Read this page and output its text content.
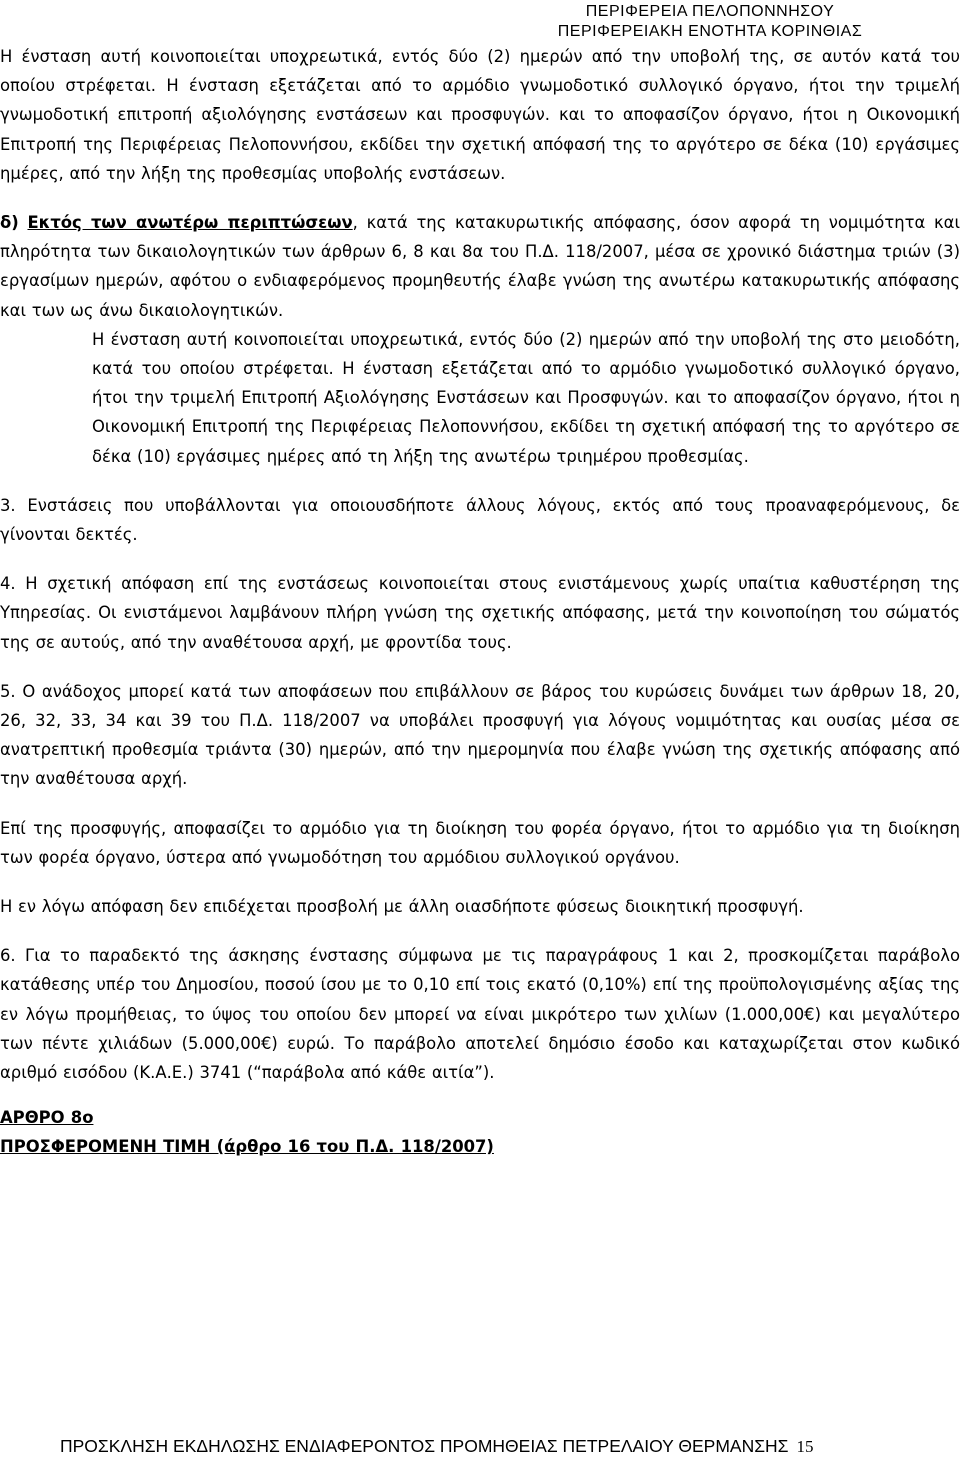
ΠΕΡΙΦΕΡΕΙΑ ΠΕΛΟΠΟΝΝΗΣΟΥ
ΠΕΡΙΦΕΡΕΙΑΚΗ ΕΝΟΤΗΤΑ ΚΟΡΙΝΘΙΑΣ

Η ένσταση αυτή κοινοποιείται υποχρεωτικά, εντός δύο (2) ημερών από την υποβολή της, σε αυτόν κατά του οποίου στρέφεται. Η ένσταση εξετάζεται από το αρμόδιο γνωμοδοτικό συλλογικό όργανο, ήτοι την τριμελή γνωμοδοτική επιτροπή αξιολόγησης ενστάσεων και προσφυγών. και το αποφασίζον όργανο, ήτοι η Οικονομική Επιτροπή της Περιφέρειας Πελοποννήσου, εκδίδει την σχετική απόφασή της το αργότερο σε δέκα (10) εργάσιμες ημέρες, από την λήξη της προθεσμίας υποβολής ενστάσεων.

δ) Εκτός των ανωτέρω περιπτώσεων, κατά της κατακυρωτικής απόφασης, όσον αφορά τη νομιμότητα και πληρότητα των δικαιολογητικών των άρθρων 6, 8 και 8α του Π.Δ. 118/2007, μέσα σε χρονικό διάστημα τριών (3) εργασίμων ημερών, αφότου ο ενδιαφερόμενος προμηθευτής έλαβε γνώση της ανωτέρω κατακυρωτικής απόφασης και των ως άνω δικαιολογητικών.

Η ένσταση αυτή κοινοποιείται υποχρεωτικά, εντός δύο (2) ημερών από την υποβολή της στο μειοδότη, κατά του οποίου στρέφεται. Η ένσταση εξετάζεται από το αρμόδιο γνωμοδοτικό συλλογικό όργανο, ήτοι την τριμελή Επιτροπή Αξιολόγησης Ενστάσεων και Προσφυγών. και το αποφασίζον όργανο, ήτοι η Οικονομική Επιτροπή της Περιφέρειας Πελοποννήσου, εκδίδει τη σχετική απόφασή της το αργότερο σε δέκα (10) εργάσιμες ημέρες από τη λήξη της ανωτέρω τριημέρου προθεσμίας.

3. Ενστάσεις που υποβάλλονται για οποιουσδήποτε άλλους λόγους, εκτός από τους προαναφερόμενους, δε γίνονται δεκτές.

4. Η σχετική απόφαση επί της ενστάσεως κοινοποιείται στους ενιστάμενους χωρίς υπαίτια καθυστέρηση της Υπηρεσίας. Οι ενιστάμενοι λαμβάνουν πλήρη γνώση της σχετικής απόφασης, μετά την κοινοποίηση του σώματός της σε αυτούς, από την αναθέτουσα αρχή, με φροντίδα τους.

5. Ο ανάδοχος μπορεί κατά των αποφάσεων που επιβάλλουν σε βάρος του κυρώσεις δυνάμει των άρθρων 18, 20, 26, 32, 33, 34 και 39 του Π.Δ. 118/2007 να υποβάλει προσφυγή για λόγους νομιμότητας και ουσίας μέσα σε ανατρεπτική προθεσμία τριάντα (30) ημερών, από την ημερομηνία που έλαβε γνώση της σχετικής απόφασης από την αναθέτουσα αρχή.

Επί της προσφυγής, αποφασίζει το αρμόδιο για τη διοίκηση του φορέα όργανο, ήτοι το αρμόδιο για τη διοίκηση των φορέα όργανο, ύστερα από γνωμοδότηση του αρμόδιου συλλογικού οργάνου.

Η εν λόγω απόφαση δεν επιδέχεται προσβολή με άλλη οιασδήποτε φύσεως διοικητική προσφυγή.

6. Για το παραδεκτό της άσκησης ένστασης σύμφωνα με τις παραγράφους 1 και 2, προσκομίζεται παράβολο κατάθεσης υπέρ του Δημοσίου, ποσού ίσου με το 0,10 επί τοις εκατό (0,10%) επί της προϋπολογισμένης αξίας της εν λόγω προμήθειας, το ύψος του οποίου δεν μπορεί να είναι μικρότερο των χιλίων (1.000,00€) και μεγαλύτερο των πέντε χιλιάδων (5.000,00€) ευρώ. Το παράβολο αποτελεί δημόσιο έσοδο και καταχωρίζεται στον κωδικό αριθμό εισόδου (Κ.Α.Ε.) 3741 (“παράβολα από κάθε αιτία”).

ΑΡΘΡΟ 8ο

ΠΡΟΣΦΕΡΟΜΕΝΗ ΤΙΜΗ (άρθρο 16 του Π.Δ. 118/2007)

ΠΡΟΣΚΛΗΣΗ ΕΚΔΗΛΩΣΗΣ ΕΝΔΙΑΦΕΡΟΝΤΟΣ ΠΡΟΜΗΘΕΙΑΣ ΠΕΤΡΕΛΑΙΟΥ ΘΕΡΜΑΝΣΗΣ 15
